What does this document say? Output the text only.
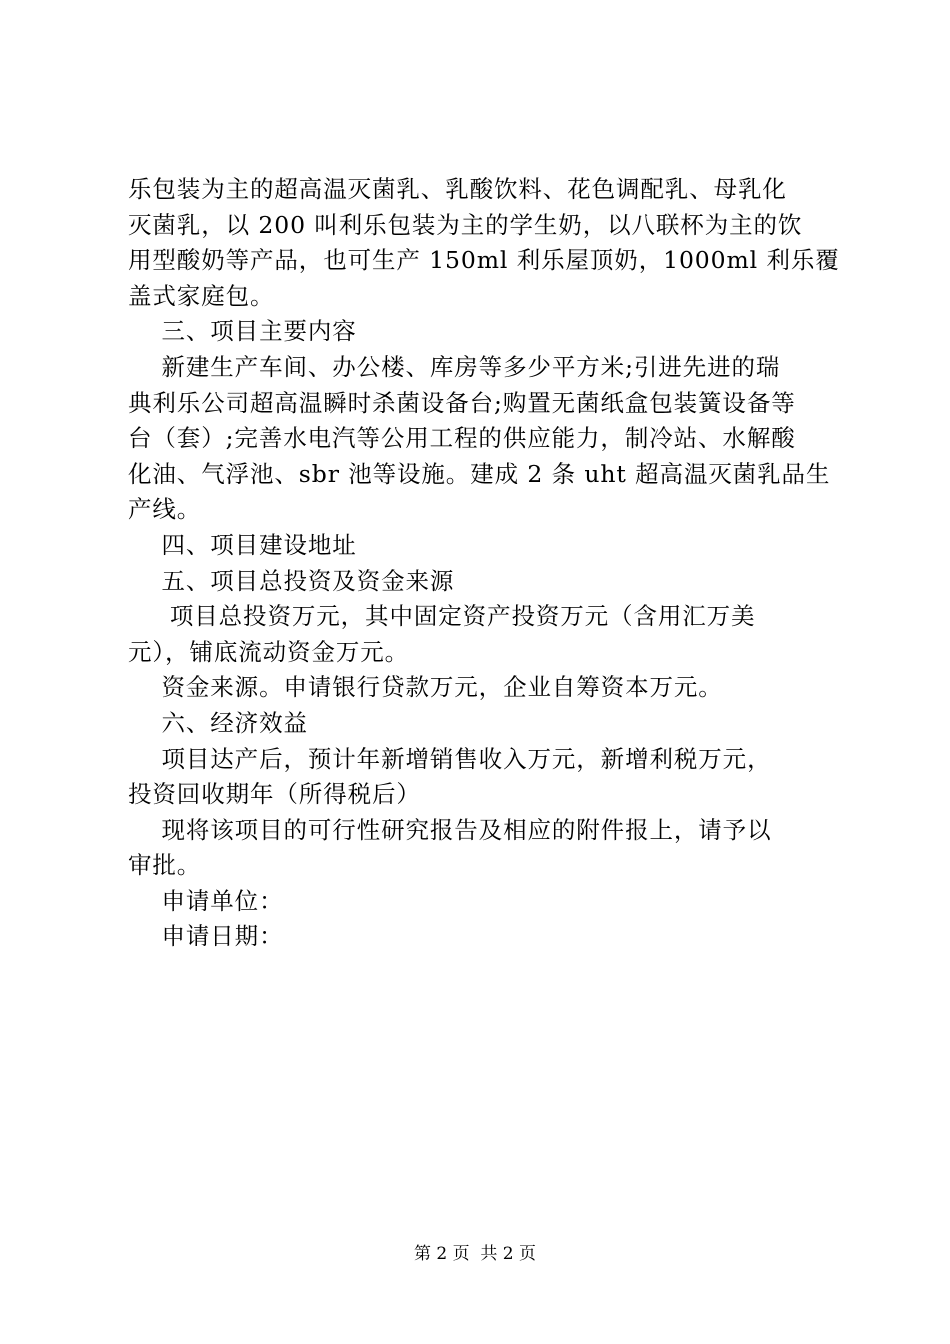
乐包装为主的超高温灭菌乳、乳酸饮料、花色调配乳、母乳化
灭菌乳，以 200 叫利乐包装为主的学生奶，以八联杯为主的饮
用型酸奶等产品，也可生产 150ml 利乐屋顶奶，1000ml 利乐覆
盖式家庭包。
三、项目主要内容
新建生产车间、办公楼、库房等多少平方米;引进先进的瑞
典利乐公司超高温瞬时杀菌设备台;购置无菌纸盒包装簧设备等
台（套）;完善水电汽等公用工程的供应能力，制冷站、水解酸
化油、气浮池、sbr 池等设施。建成 2 条 uht 超高温灭菌乳品生
产线。
四、项目建设地址
五、项目总投资及资金来源
项目总投资万元，其中固定资产投资万元（含用汇万美
元），铺底流动资金万元。
资金来源。申请银行贷款万元，企业自筹资本万元。
六、经济效益
项目达产后，预计年新增销售收入万元，新增利税万元，
投资回收期年（所得税后）
现将该项目的可行性研究报告及相应的附件报上，请予以
审批。
申请单位：
申请日期：
第 2 页  共 2 页
